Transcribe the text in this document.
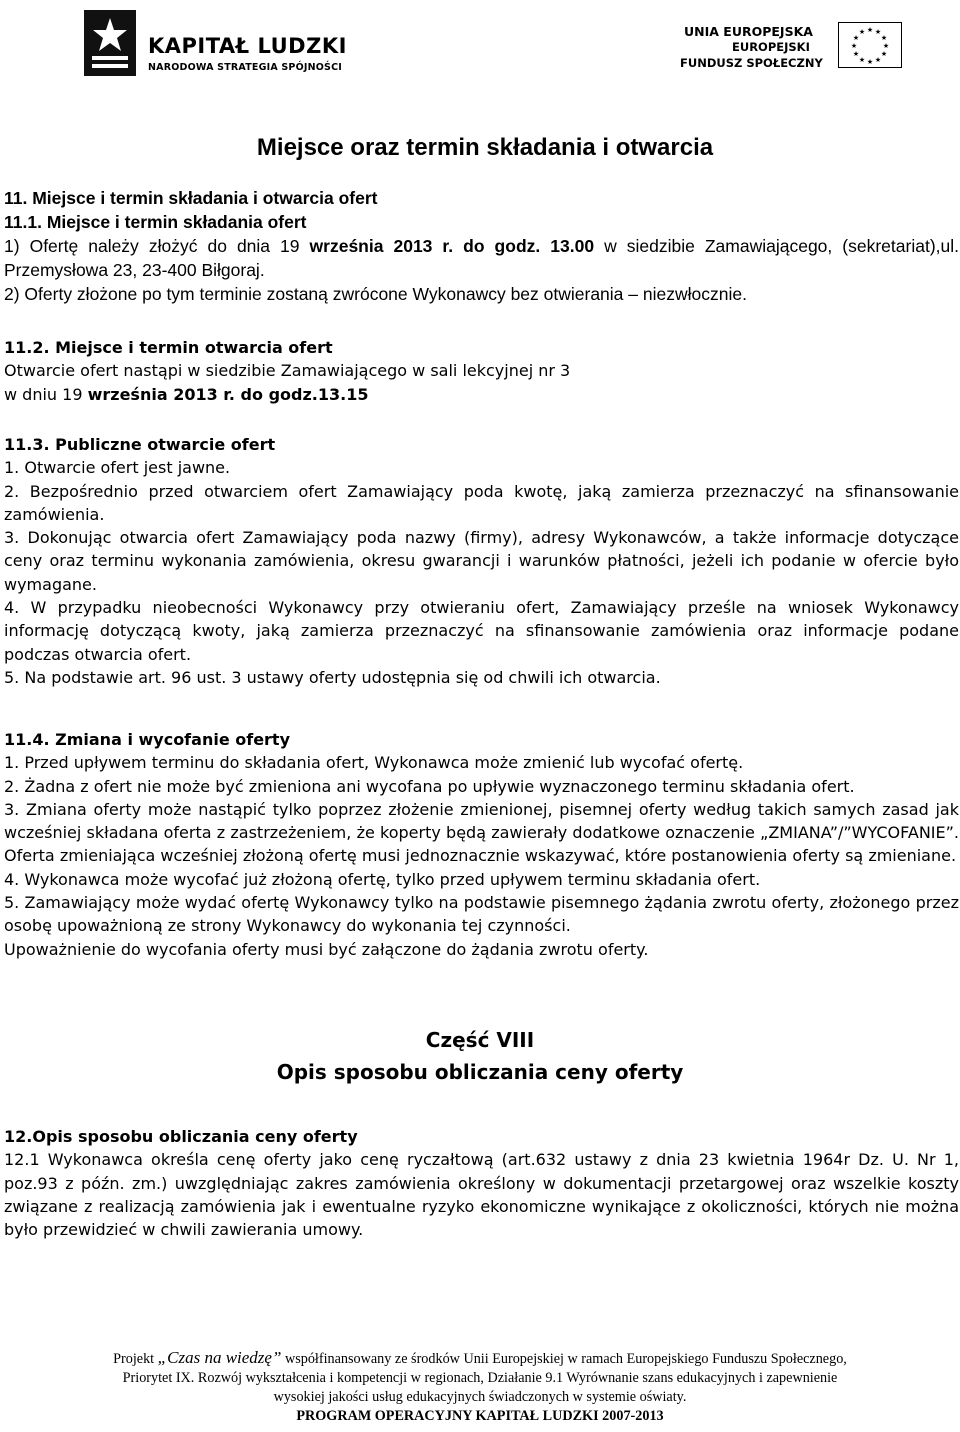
KAPITAŁ LUDZKI
NARODOWA STRATEGIA SPÓJNOŚCI
UNIA EUROPEJSKA
EUROPEJSKI
FUNDUSZ SPOŁECZNY
★ ★
★
★
★
★
★
★
★
★
★
★
Miejsce oraz termin składania i otwarcia

11. Miejsce i termin składania i otwarcia ofert

11.1. Miejsce i termin składania ofert

1) Ofertę należy złożyć do dnia 19 września 2013 r. do godz. 13.00 w siedzibie Zamawiającego, (sekretariat),ul. Przemysłowa 23, 23-400 Biłgoraj.

2) Oferty złożone po tym terminie zostaną zwrócone Wykonawcy bez otwierania – niezwłocznie.

11.2. Miejsce i termin otwarcia ofert

Otwarcie ofert nastąpi w siedzibie Zamawiającego w sali lekcyjnej nr 3

w dniu 19 września 2013 r. do godz.13.15

11.3. Publiczne otwarcie ofert

1. Otwarcie ofert jest jawne.

2. Bezpośrednio przed otwarciem ofert Zamawiający poda kwotę, jaką zamierza przeznaczyć na sfinansowanie zamówienia.

3. Dokonując otwarcia ofert Zamawiający poda nazwy (firmy), adresy Wykonawców, a także informacje dotyczące ceny oraz terminu wykonania zamówienia, okresu gwarancji i warunków płatności, jeżeli ich podanie w ofercie było wymagane.

4. W przypadku nieobecności Wykonawcy przy otwieraniu ofert, Zamawiający prześle na wniosek Wykonawcy informację dotyczącą kwoty, jaką zamierza przeznaczyć na sfinansowanie zamówienia oraz informacje podane podczas otwarcia ofert.

5. Na podstawie art. 96 ust. 3 ustawy oferty udostępnia się od chwili ich otwarcia.

11.4. Zmiana i wycofanie oferty

1. Przed upływem terminu do składania ofert, Wykonawca może zmienić lub wycofać ofertę.

2. Żadna z ofert nie może być zmieniona ani wycofana po upływie wyznaczonego terminu składania ofert.

3. Zmiana oferty może nastąpić tylko poprzez złożenie zmienionej, pisemnej oferty według takich samych zasad jak wcześniej składana oferta z zastrzeżeniem, że koperty będą zawierały dodatkowe oznaczenie „ZMIANA”/”WYCOFANIE”. Oferta zmieniająca wcześniej złożoną ofertę musi jednoznacznie wskazywać, które postanowienia oferty są zmieniane.

4. Wykonawca może wycofać już złożoną ofertę, tylko przed upływem terminu składania ofert.

5. Zamawiający może wydać ofertę Wykonawcy tylko na podstawie pisemnego żądania zwrotu oferty, złożonego przez osobę upoważnioną ze strony Wykonawcy do wykonania tej czynności.

Upoważnienie do wycofania oferty musi być załączone do żądania zwrotu oferty.

Część VIII
Opis sposobu obliczania ceny oferty

12.Opis sposobu obliczania ceny oferty

12.1 Wykonawca określa cenę oferty jako cenę ryczałtową (art.632 ustawy z dnia 23 kwietnia 1964r Dz. U. Nr 1, poz.93 z późn. zm.) uwzględniając zakres zamówienia określony w dokumentacji przetargowej oraz wszelkie koszty związane z realizacją zamówienia jak i ewentualne ryzyko ekonomiczne wynikające z okoliczności, których nie można było przewidzieć w chwili zawierania umowy.

Projekt „Czas na wiedzę” współfinansowany ze środków Unii Europejskiej w ramach Europejskiego Funduszu Społecznego,

Priorytet IX. Rozwój wykształcenia i kompetencji w regionach, Działanie 9.1 Wyrównanie szans edukacyjnych i zapewnienie

wysokiej jakości usług edukacyjnych świadczonych w systemie oświaty.

PROGRAM OPERACYJNY KAPITAŁ LUDZKI 2007-2013
